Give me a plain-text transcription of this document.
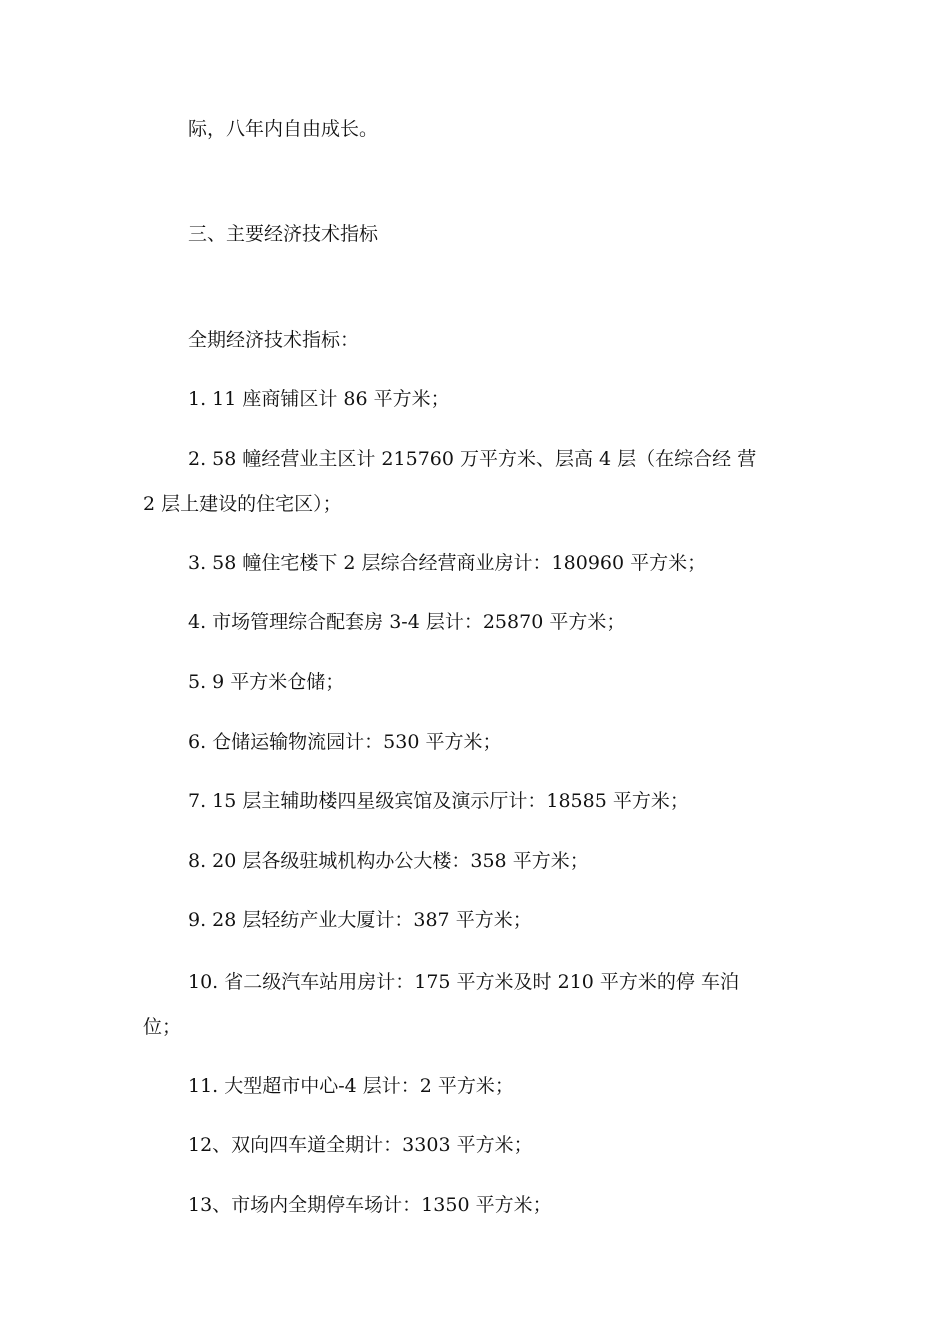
际，八年内自由成长。
三、主要经济技术指标
全期经济技术指标：
1. 11 座商铺区计 86 平方米；
2. 58 幢经营业主区计 215760 万平方米、层高 4 层（在综合经 营
2 层上建设的住宅区）；
3. 58 幢住宅楼下 2 层综合经营商业房计：180960 平方米；
4. 市场管理综合配套房 3-4 层计：25870 平方米；
5. 9 平方米仓储；
6. 仓储运输物流园计：530 平方米；
7. 15 层主辅助楼四星级宾馆及演示厅计：18585 平方米；
8. 20 层各级驻城机构办公大楼：358 平方米；
9. 28 层轻纺产业大厦计：387 平方米；
10. 省二级汽车站用房计：175 平方米及时 210 平方米的停 车泊
位；
11. 大型超市中心-4 层计：2 平方米；
12、双向四车道全期计：3303 平方米；
13、市场内全期停车场计：1350 平方米；
